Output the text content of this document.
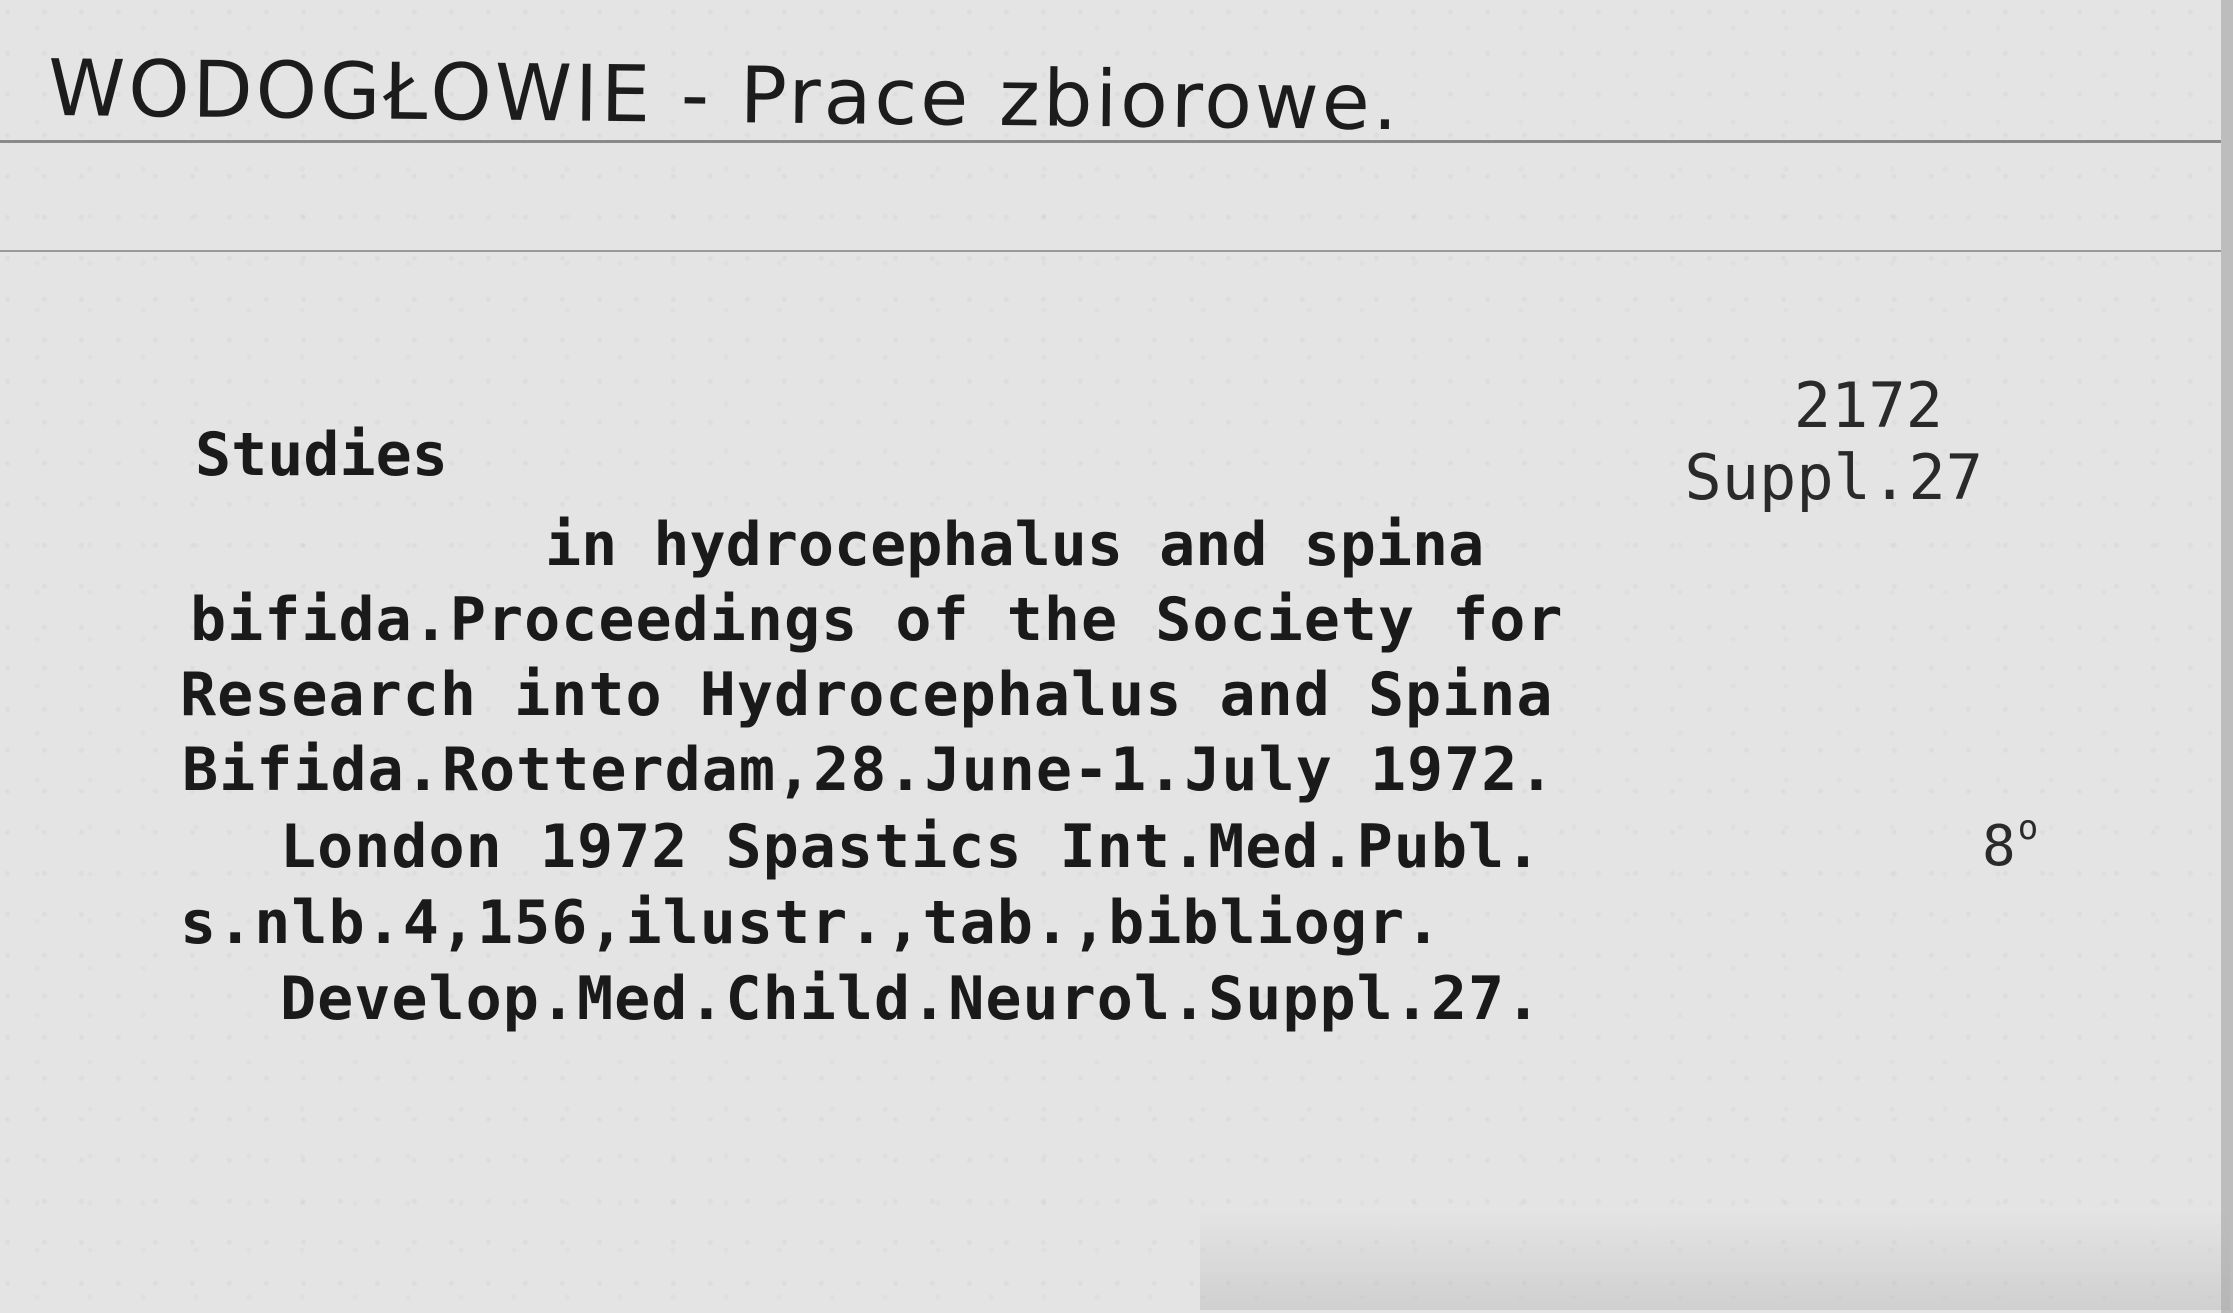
WODOGŁOWIE - Prace zbiorowe.
2172
Suppl.27
Studies
in hydrocephalus and spina
bifida.Proceedings of the Society for
Research into Hydrocephalus and Spina
Bifida.Rotterdam,28.June-1.July 1972.
London 1972 Spastics Int.Med.Publ.	8$^o$
s.nlb.4,156,ilustr.,tab.,bibliogr.
Develop.Med.Child.Neurol.Suppl.27.
